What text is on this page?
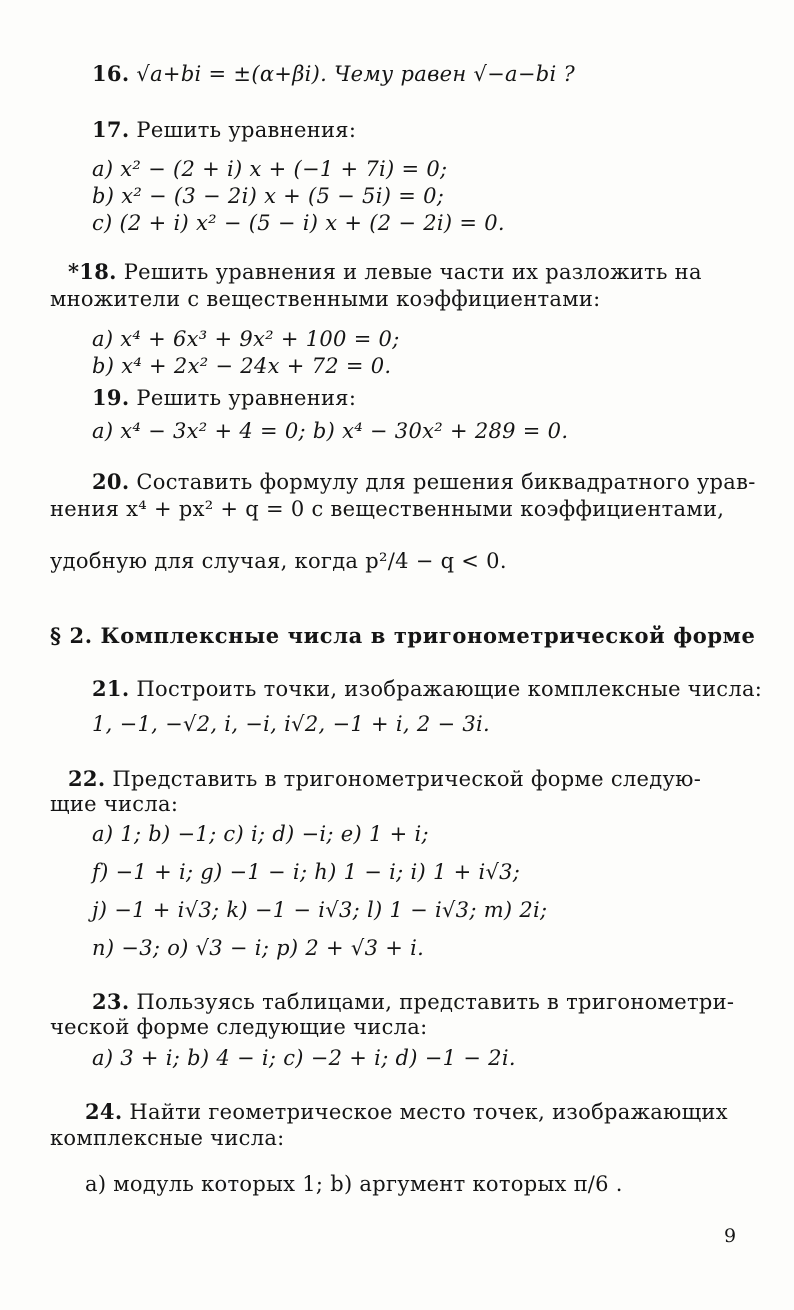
16. √a+bi = ±(α+βi). Чему равен √−a−bi ?
17. Решить уравнения:
a) x² − (2 + i) x + (−1 + 7i) = 0;
b) x² − (3 − 2i) x + (5 − 5i) = 0;
c) (2 + i) x² − (5 − i) x + (2 − 2i) = 0.
*18. Решить уравнения и левые части их разложить на
множители с вещественными коэффициентами:
a) x⁴ + 6x³ + 9x² + 100 = 0;
b) x⁴ + 2x² − 24x + 72 = 0.
19. Решить уравнения:
a) x⁴ − 3x² + 4 = 0; b) x⁴ − 30x² + 289 = 0.
20. Составить формулу для решения биквадратного урав-
нения x⁴ + px² + q = 0 с вещественными коэффициентами,
удобную для случая, когда p²/4 − q < 0.
§ 2. Комплексные числа в тригонометрической форме
21. Построить точки, изображающие комплексные числа:
1, −1, −√2, i, −i, i√2, −1 + i, 2 − 3i.
22. Представить в тригонометрической форме следую-
щие числа:
a) 1; b) −1; c) i; d) −i; e) 1 + i;
f) −1 + i; g) −1 − i; h) 1 − i; i) 1 + i√3;
j) −1 + i√3; k) −1 − i√3; l) 1 − i√3; m) 2i;
n) −3; o) √3 − i; p) 2 + √3 + i.
23. Пользуясь таблицами, представить в тригонометри-
ческой форме следующие числа:
a) 3 + i; b) 4 − i; c) −2 + i; d) −1 − 2i.
24. Найти геометрическое место точек, изображающих
комплексные числа:
a) модуль которых 1; b) аргумент которых π/6 .
9
